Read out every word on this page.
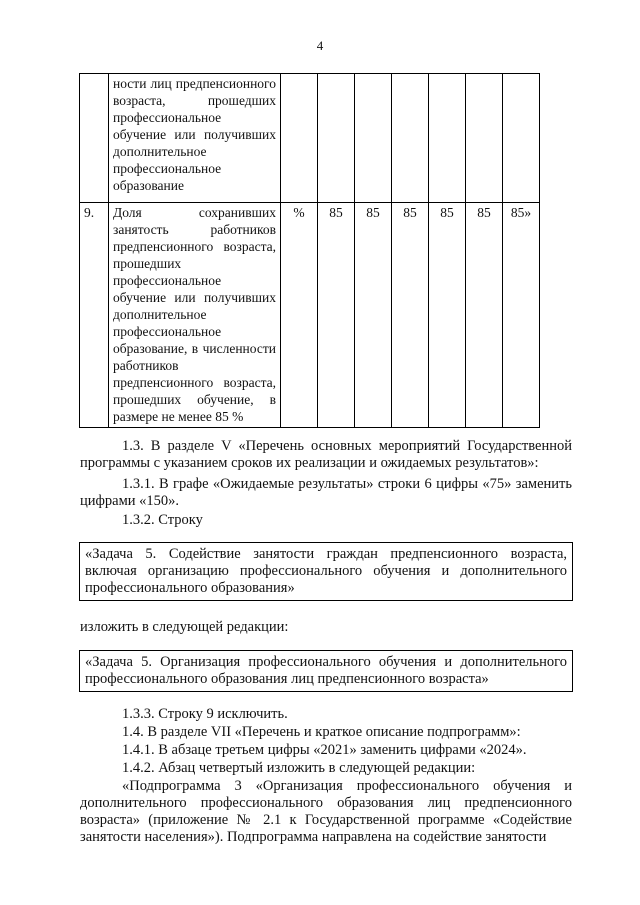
4
	ности лиц предпенсионного возраста, прошедших профессиональное обучение или получивших дополнительное профессиональное образование							
9.	Доля сохранивших занятость работников предпенсионного возраста, прошедших профессиональное обучение или получивших дополнительное профессиональное образование, в численности работников предпенсионного возраста, прошедших обучение, в размере не менее 85 %	%	85	85	85	85	85	85»
1.3. В разделе V «Перечень основных мероприятий Государственной программы с указанием сроков их реализации и ожидаемых результатов»:
1.3.1. В графе «Ожидаемые результаты» строки 6 цифры «75» заменить цифрами «150».
1.3.2. Строку
«Задача 5. Содействие занятости граждан предпенсионного возраста, включая организацию профессионального обучения и дополнительного профессионального образования»
изложить в следующей редакции:
«Задача 5. Организация профессионального обучения и дополнительного профессионального образования лиц предпенсионного возраста»
1.3.3. Строку 9 исключить.
1.4. В разделе VII «Перечень и краткое описание подпрограмм»:
1.4.1. В абзаце третьем цифры «2021» заменить цифрами «2024».
1.4.2. Абзац четвертый изложить в следующей редакции:
«Подпрограмма 3 «Организация профессионального обучения и дополнительного профессионального образования лиц предпенсионного возраста» (приложение № 2.1 к Государственной программе «Содействие занятости населения»). Подпрограмма направлена на содействие занятости
